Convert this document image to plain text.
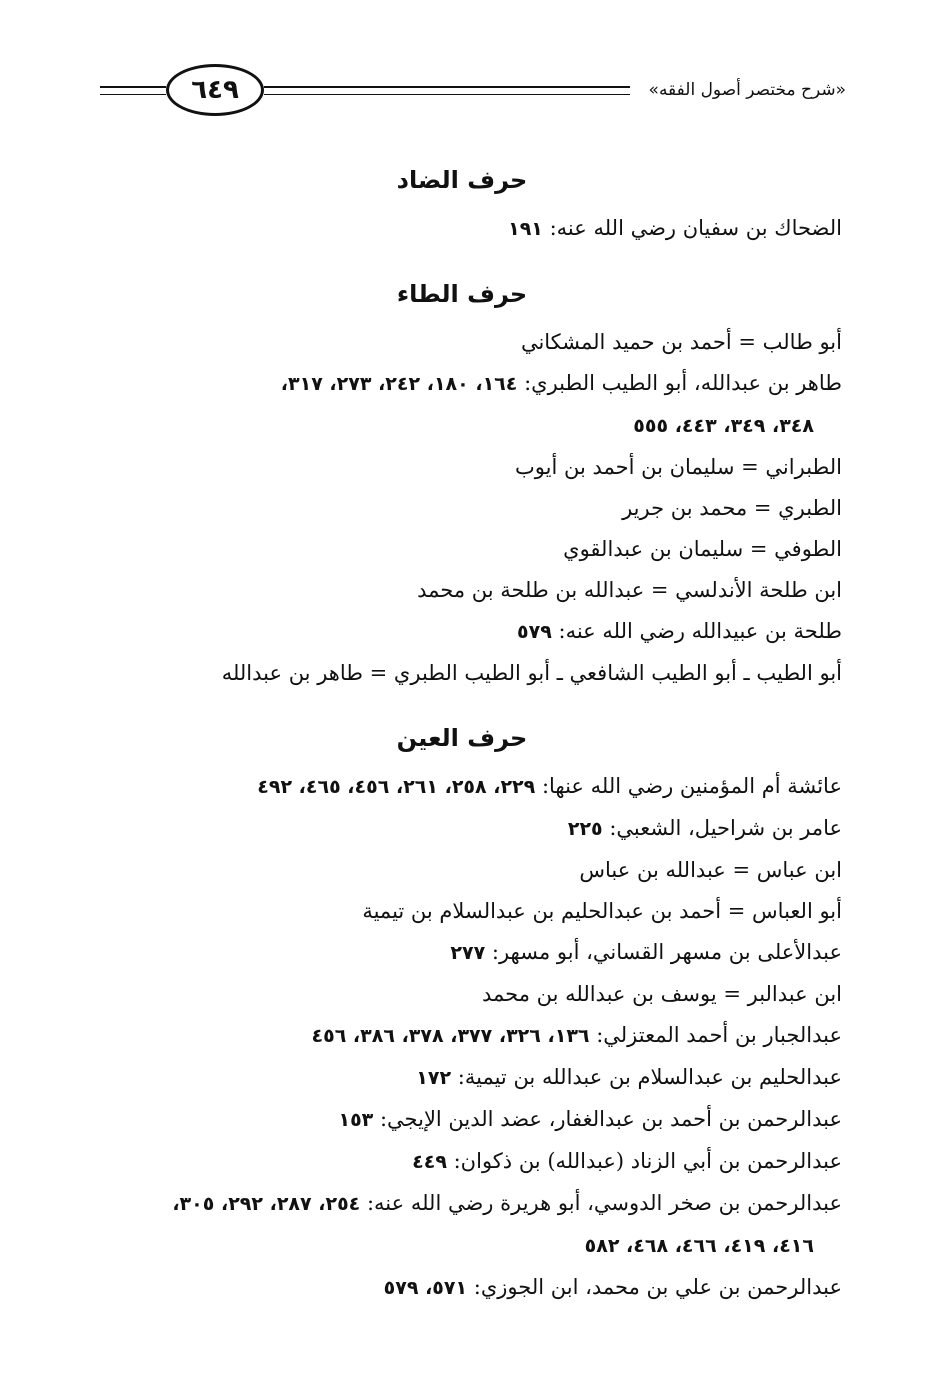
٦٤٩	«شرح مختصر أصول الفقه»
حرف الضاد
الضحاك بن سفيان رضي الله عنه: ١٩١
حرف الطاء
أبو طالب = أحمد بن حميد المشكاني
طاهر بن عبدالله، أبو الطيب الطبري: ١٦٤، ١٨٠، ٢٤٢، ٢٧٣، ٣١٧،
٣٤٨، ٣٤٩، ٤٤٣، ٥٥٥
الطبراني = سليمان بن أحمد بن أيوب
الطبري = محمد بن جرير
الطوفي = سليمان بن عبدالقوي
ابن طلحة الأندلسي = عبدالله بن طلحة بن محمد
طلحة بن عبيدالله رضي الله عنه: ٥٧٩
أبو الطيب ـ أبو الطيب الشافعي ـ أبو الطيب الطبري = طاهر بن عبدالله
حرف العين
عائشة أم المؤمنين رضي الله عنها: ٢٢٩، ٢٥٨، ٢٦١، ٤٥٦، ٤٦٥، ٤٩٢
عامر بن شراحيل، الشعبي: ٢٢٥
ابن عباس = عبدالله بن عباس
أبو العباس = أحمد بن عبدالحليم بن عبدالسلام بن تيمية
عبدالأعلى بن مسهر القساني، أبو مسهر: ٢٧٧
ابن عبدالبر = يوسف بن عبدالله بن محمد
عبدالجبار بن أحمد المعتزلي: ١٣٦، ٣٢٦، ٣٧٧، ٣٧٨، ٣٨٦، ٤٥٦
عبدالحليم بن عبدالسلام بن عبدالله بن تيمية: ١٧٢
عبدالرحمن بن أحمد بن عبدالغفار، عضد الدين الإيجي: ١٥٣
عبدالرحمن بن أبي الزناد (عبدالله) بن ذكوان: ٤٤٩
عبدالرحمن بن صخر الدوسي، أبو هريرة رضي الله عنه: ٢٥٤، ٢٨٧، ٢٩٢، ٣٠٥،
٤١٦، ٤١٩، ٤٦٦، ٤٦٨، ٥٨٢
عبدالرحمن بن علي بن محمد، ابن الجوزي: ٥٧١، ٥٧٩
